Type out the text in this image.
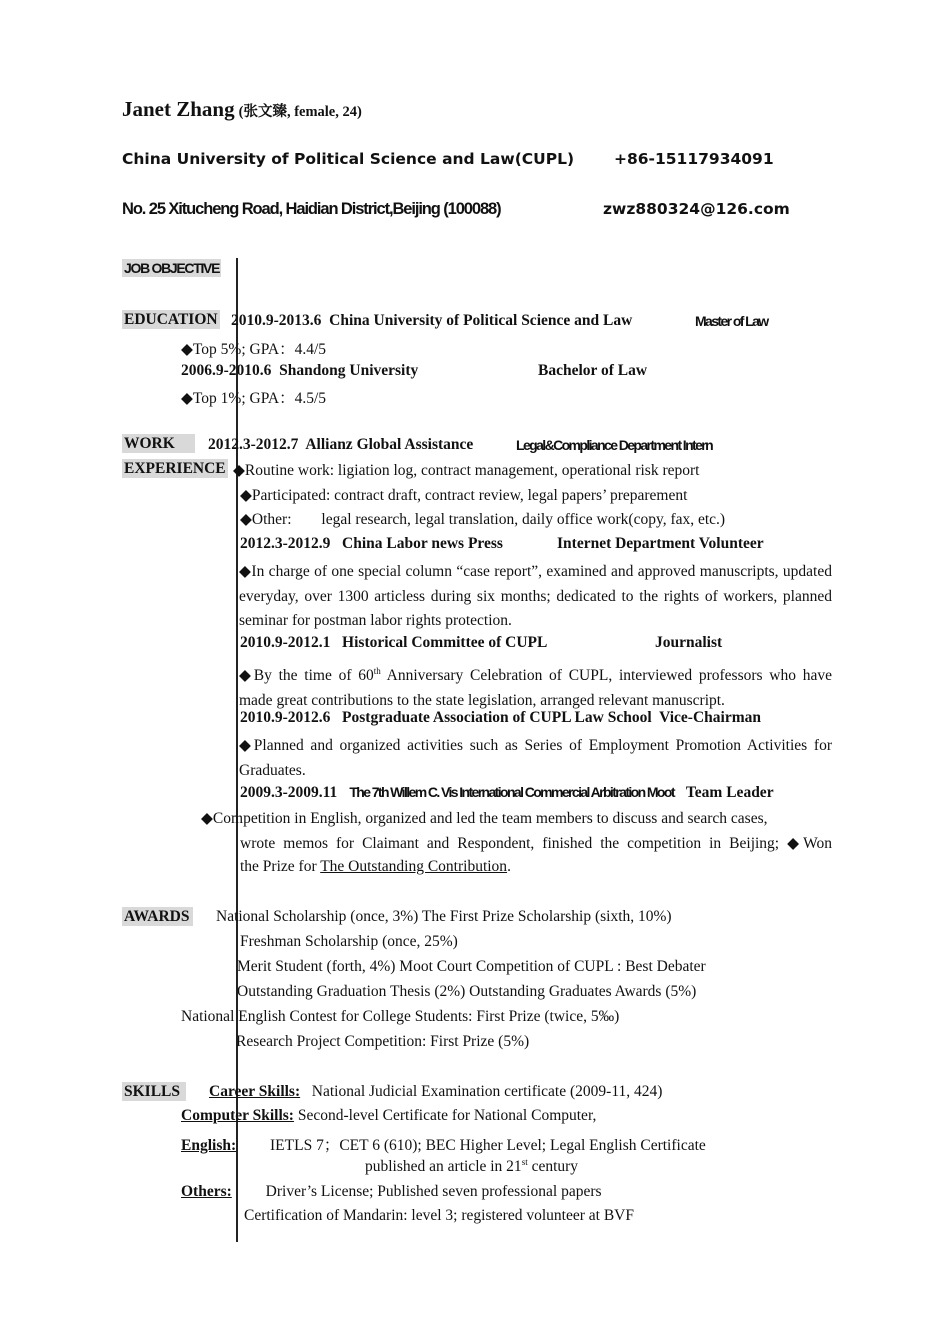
Janet Zhang (张文臻, female, 24)
China University of Political Science and Law(CUPL)	+86-15117934091
No. 25 Xitucheng Road, Haidian District,Beijing (100088)	zwz880324@126.com
JOB OBJECTIVE
EDUCATION 2010.9-2013.6 China University of Political Science and Law	Master of Law
◆Top 5%; GPA：4.4/5
2006.9-2010.6 Shandong University	Bachelor of Law
◆Top 1%; GPA：4.5/5
WORK
EXPERIENCE
2012.3-2012.7 Allianz Global Assistance	Legal&Compliance Department Intern
◆Routine work: ligiation log, contract management, operational risk report
◆Participated: contract draft, contract review, legal papers’ preparement
◆Other: legal research, legal translation, daily office work(copy, fax, etc.)
2012.3-2012.9 China Labor news Press	Internet Department Volunteer
◆In charge of one special column “case report”, examined and approved manuscripts, updated everyday, over 1300 articless during six months; dedicated to the rights of workers, planned seminar for postman labor rights protection.
2010.9-2012.1 Historical Committee of CUPL	Journalist
◆By the time of 60th Anniversary Celebration of CUPL, interviewed professors who have made great contributions to the state legislation, arranged relevant manuscript.
2010.9-2012.6 Postgraduate Association of CUPL Law School Vice-Chairman
◆Planned and organized activities such as Series of Employment Promotion Activities for Graduates.
2009.3-2009.11 The 7th Willem C. Vis International Commercial Arbitration Moot Team Leader
◆Competition in English, organized and led the team members to discuss and search cases,
wrote memos for Claimant and Respondent, finished the competition in Beijing; ◆Won
the Prize for The Outstanding Contribution.
AWARDS National Scholarship (once, 3%) The First Prize Scholarship (sixth, 10%)
Freshman Scholarship (once, 25%)
Merit Student (forth, 4%) Moot Court Competition of CUPL : Best Debater
Outstanding Graduation Thesis (2%) Outstanding Graduates Awards (5%)
National English Contest for College Students: First Prize (twice, 5‰)
Research Project Competition: First Prize (5%)
SKILLS	Career Skills: National Judicial Examination certificate (2009-11, 424)
Computer Skills: Second-level Certificate for National Computer,
English: IETLS 7；CET 6 (610); BEC Higher Level; Legal English Certificate
published an article in 21st century
Others: Driver’s License; Published seven professional papers
Certification of Mandarin: level 3; registered volunteer at BVF
